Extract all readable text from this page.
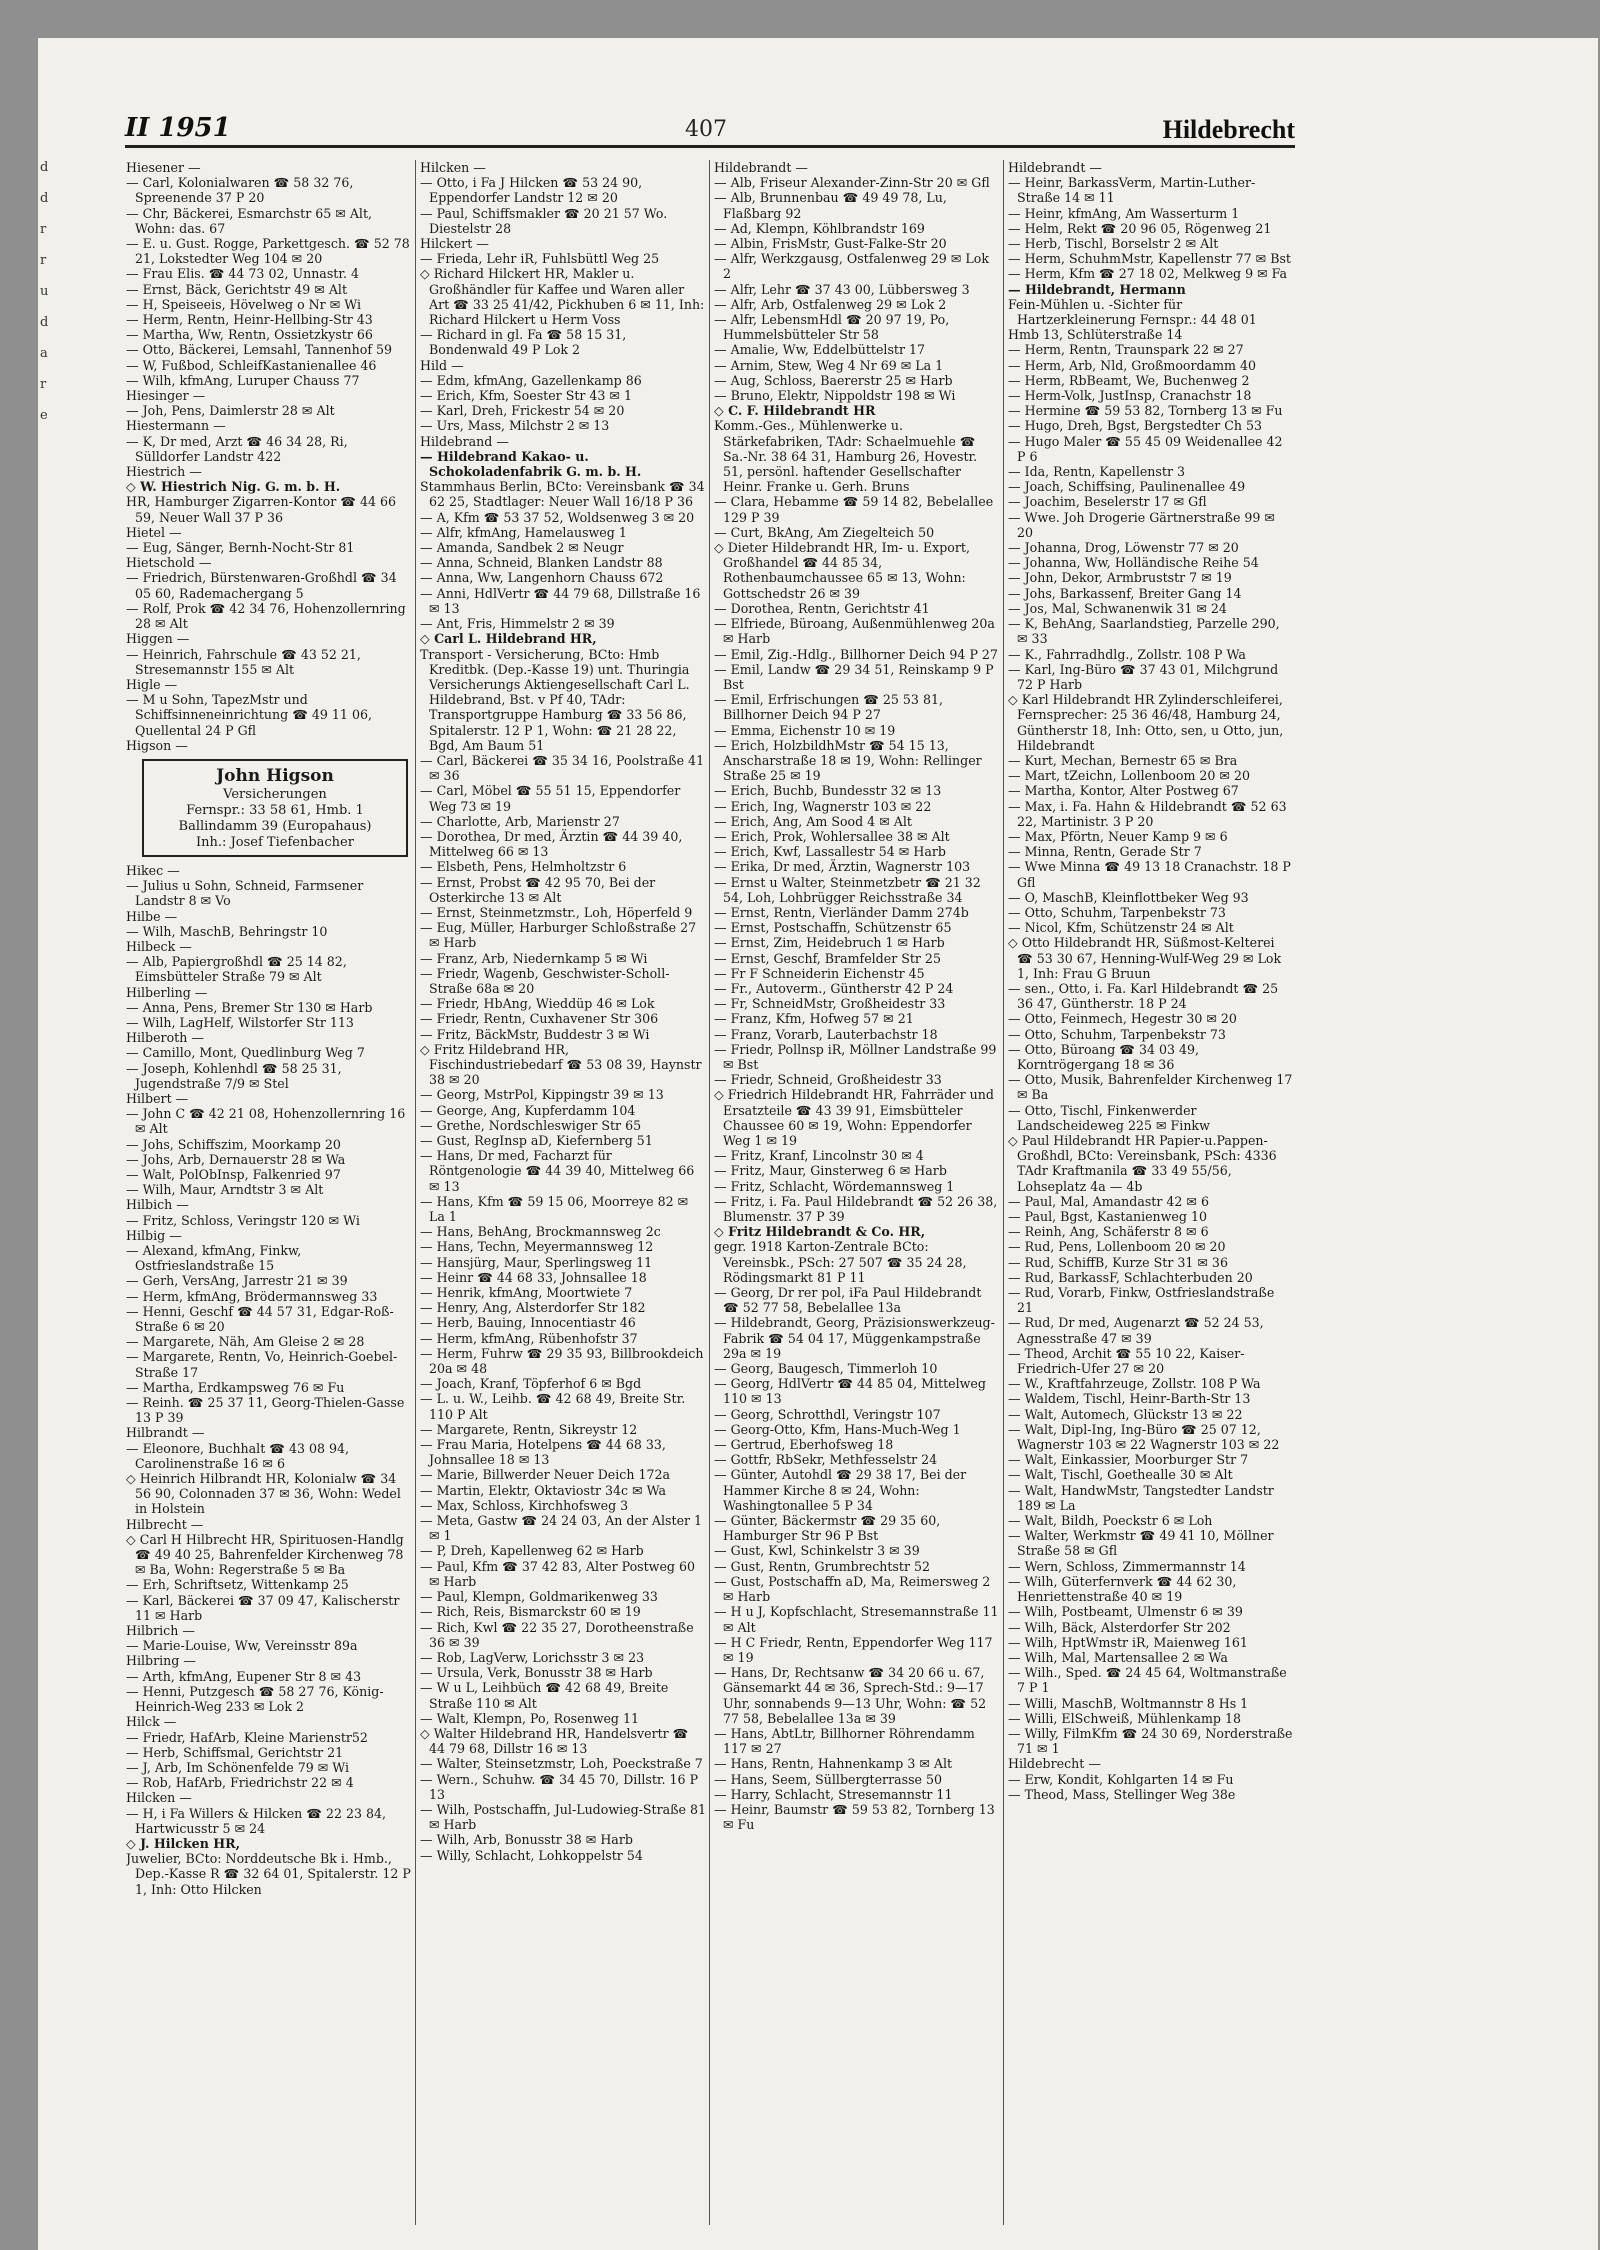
II 1951	407	Hildebrecht
d
d
r
r
u
d
a
r
e

Hiesener —

— Carl, Kolonialwaren ☎ 58 32 76, Spreenende 37 P 20

— Chr, Bäckerei, Esmarchstr 65 ✉ Alt, Wohn: das. 67

— E. u. Gust. Rogge, Parkettgesch. ☎ 52 78 21, Lokstedter Weg 104 ✉ 20

— Frau Elis. ☎ 44 73 02, Unnastr. 4

— Ernst, Bäck, Gerichtstr 49 ✉ Alt

— H, Speiseeis, Hövelweg o Nr ✉ Wi

— Herm, Rentn, Heinr-Hellbing-Str 43

— Martha, Ww, Rentn, Ossietzkystr 66

— Otto, Bäckerei, Lemsahl, Tannenhof 59

— W, Fußbod, SchleifKastanienallee 46

— Wilh, kfmAng, Luruper Chauss 77

Hiesinger —

— Joh, Pens, Daimlerstr 28 ✉ Alt

Hiestermann —

— K, Dr med, Arzt ☎ 46 34 28, Ri, Sülldorfer Landstr 422

Hiestrich —

◇ W. Hiestrich Nig. G. m. b. H.

HR, Hamburger Zigarren-Kontor ☎ 44 66 59, Neuer Wall 37 P 36

Hietel —

— Eug, Sänger, Bernh-Nocht-Str 81

Hietschold —

— Friedrich, Bürstenwaren-Großhdl ☎ 34 05 60, Rademachergang 5

— Rolf, Prok ☎ 42 34 76, Hohenzollernring 28 ✉ Alt

Higgen —

— Heinrich, Fahrschule ☎ 43 52 21, Stresemannstr 155 ✉ Alt

Higle —

— M u Sohn, TapezMstr und Schiffsinneneinrichtung ☎ 49 11 06, Quellental 24 P Gfl

Higson —

John Higson
Versicherungen
Fernspr.: 33 58 61, Hmb. 1
Ballindamm 39 (Europahaus)
Inh.: Josef Tiefenbacher

Hikec —

— Julius u Sohn, Schneid, Farmsener Landstr 8 ✉ Vo

Hilbe —

— Wilh, MaschB, Behringstr 10

Hilbeck —

— Alb, Papiergroßhdl ☎ 25 14 82, Eimsbütteler Straße 79 ✉ Alt

Hilberling —

— Anna, Pens, Bremer Str 130 ✉ Harb

— Wilh, LagHelf, Wilstorfer Str 113

Hilberoth —

— Camillo, Mont, Quedlinburg Weg 7

— Joseph, Kohlenhdl ☎ 58 25 31, Jugendstraße 7/9 ✉ Stel

Hilbert —

— John C ☎ 42 21 08, Hohenzollernring 16 ✉ Alt

— Johs, Schiffszim, Moorkamp 20

— Johs, Arb, Dernauerstr 28 ✉ Wa

— Walt, PolObInsp, Falkenried 97

— Wilh, Maur, Arndtstr 3 ✉ Alt

Hilbich —

— Fritz, Schloss, Veringstr 120 ✉ Wi

Hilbig —

— Alexand, kfmAng, Finkw, Ostfrieslandstraße 15

— Gerh, VersAng, Jarrestr 21 ✉ 39

— Herm, kfmAng, Brödermannsweg 33

— Henni, Geschf ☎ 44 57 31, Edgar-Roß-Straße 6 ✉ 20

— Margarete, Näh, Am Gleise 2 ✉ 28

— Margarete, Rentn, Vo, Heinrich-Goebel-Straße 17

— Martha, Erdkampsweg 76 ✉ Fu

— Reinh. ☎ 25 37 11, Georg-Thielen-Gasse 13 P 39

Hilbrandt —

— Eleonore, Buchhalt ☎ 43 08 94, Carolinenstraße 16 ✉ 6

◇ Heinrich Hilbrandt HR, Kolonialw ☎ 34 56 90, Colonnaden 37 ✉ 36, Wohn: Wedel in Holstein

Hilbrecht —

◇ Carl H Hilbrecht HR, Spirituosen-Handlg ☎ 49 40 25, Bahrenfelder Kirchenweg 78 ✉ Ba, Wohn: Regerstraße 5 ✉ Ba

— Erh, Schriftsetz, Wittenkamp 25

— Karl, Bäckerei ☎ 37 09 47, Kalischerstr 11 ✉ Harb

Hilbrich —

— Marie-Louise, Ww, Vereinsstr 89a

Hilbring —

— Arth, kfmAng, Eupener Str 8 ✉ 43

— Henni, Putzgesch ☎ 58 27 76, König-Heinrich-Weg 233 ✉ Lok 2

Hilck —

— Friedr, HafArb, Kleine Marienstr52

— Herb, Schiffsmal, Gerichtstr 21

— J, Arb, Im Schönenfelde 79 ✉ Wi

— Rob, HafArb, Friedrichstr 22 ✉ 4

Hilcken —

— H, i Fa Willers & Hilcken ☎ 22 23 84, Hartwicusstr 5 ✉ 24

◇ J. Hilcken HR,

Juwelier, BCto: Norddeutsche Bk i. Hmb., Dep.-Kasse R ☎ 32 64 01, Spitalerstr. 12 P 1, Inh: Otto Hilcken

Hilcken —

— Otto, i Fa J Hilcken ☎ 53 24 90, Eppendorfer Landstr 12 ✉ 20

— Paul, Schiffsmakler ☎ 20 21 57 Wo. Diestelstr 28

Hilckert —

— Frieda, Lehr iR, Fuhlsbüttl Weg 25

◇ Richard Hilckert HR, Makler u. Großhändler für Kaffee und Waren aller Art ☎ 33 25 41/42, Pickhuben 6 ✉ 11, Inh: Richard Hilckert u Herm Voss

— Richard in gl. Fa ☎ 58 15 31, Bondenwald 49 P Lok 2

Hild —

— Edm, kfmAng, Gazellenkamp 86

— Erich, Kfm, Soester Str 43 ✉ 1

— Karl, Dreh, Frickestr 54 ✉ 20

— Urs, Mass, Milchstr 2 ✉ 13

Hildebrand —

— Hildebrand Kakao- u. Schokoladenfabrik G. m. b. H.

Stammhaus Berlin, BCto: Vereinsbank ☎ 34 62 25, Stadtlager: Neuer Wall 16/18 P 36

— A, Kfm ☎ 53 37 52, Woldsenweg 3 ✉ 20

— Alfr, kfmAng, Hamelausweg 1

— Amanda, Sandbek 2 ✉ Neugr

— Anna, Schneid, Blanken Landstr 88

— Anna, Ww, Langenhorn Chauss 672

— Anni, HdlVertr ☎ 44 79 68, Dillstraße 16 ✉ 13

— Ant, Fris, Himmelstr 2 ✉ 39

◇ Carl L. Hildebrand HR,

Transport - Versicherung, BCto: Hmb Kreditbk. (Dep.-Kasse 19) unt. Thuringia Versicherungs Aktiengesellschaft Carl L. Hildebrand, Bst. v Pf 40, TAdr: Transportgruppe Hamburg ☎ 33 56 86, Spitalerstr. 12 P 1, Wohn: ☎ 21 28 22, Bgd, Am Baum 51

— Carl, Bäckerei ☎ 35 34 16, Poolstraße 41 ✉ 36

— Carl, Möbel ☎ 55 51 15, Eppendorfer Weg 73 ✉ 19

— Charlotte, Arb, Marienstr 27

— Dorothea, Dr med, Ärztin ☎ 44 39 40, Mittelweg 66 ✉ 13

— Elsbeth, Pens, Helmholtzstr 6

— Ernst, Probst ☎ 42 95 70, Bei der Osterkirche 13 ✉ Alt

— Ernst, Steinmetzmstr., Loh, Höperfeld 9

— Eug, Müller, Harburger Schloßstraße 27 ✉ Harb

— Franz, Arb, Niedernkamp 5 ✉ Wi

— Friedr, Wagenb, Geschwister-Scholl-Straße 68a ✉ 20

— Friedr, HbAng, Wieddüp 46 ✉ Lok

— Friedr, Rentn, Cuxhavener Str 306

— Fritz, BäckMstr, Buddestr 3 ✉ Wi

◇ Fritz Hildebrand HR, Fischindustriebedarf ☎ 53 08 39, Haynstr 38 ✉ 20

— Georg, MstrPol, Kippingstr 39 ✉ 13

— George, Ang, Kupferdamm 104

— Grethe, Nordschleswiger Str 65

— Gust, RegInsp aD, Kiefernberg 51

— Hans, Dr med, Facharzt für Röntgenologie ☎ 44 39 40, Mittelweg 66 ✉ 13

— Hans, Kfm ☎ 59 15 06, Moorreye 82 ✉ La 1

— Hans, BehAng, Brockmannsweg 2c

— Hans, Techn, Meyermannsweg 12

— Hansjürg, Maur, Sperlingsweg 11

— Heinr ☎ 44 68 33, Johnsallee 18

— Henrik, kfmAng, Moortwiete 7

— Henry, Ang, Alsterdorfer Str 182

— Herb, Bauing, Innocentiastr 46

— Herm, kfmAng, Rübenhofstr 37

— Herm, Fuhrw ☎ 29 35 93, Billbrookdeich 20a ✉ 48

— Joach, Kranf, Töpferhof 6 ✉ Bgd

— L. u. W., Leihb. ☎ 42 68 49, Breite Str. 110 P Alt

— Margarete, Rentn, Sikreystr 12

— Frau Maria, Hotelpens ☎ 44 68 33, Johnsallee 18 ✉ 13

— Marie, Billwerder Neuer Deich 172a

— Martin, Elektr, Oktaviostr 34c ✉ Wa

— Max, Schloss, Kirchhofsweg 3

— Meta, Gastw ☎ 24 24 03, An der Alster 1 ✉ 1

— P, Dreh, Kapellenweg 62 ✉ Harb

— Paul, Kfm ☎ 37 42 83, Alter Postweg 60 ✉ Harb

— Paul, Klempn, Goldmarikenweg 33

— Rich, Reis, Bismarckstr 60 ✉ 19

— Rich, Kwl ☎ 22 35 27, Dorotheenstraße 36 ✉ 39

— Rob, LagVerw, Lorichsstr 3 ✉ 23

— Ursula, Verk, Bonusstr 38 ✉ Harb

— W u L, Leihbüch ☎ 42 68 49, Breite Straße 110 ✉ Alt

— Walt, Klempn, Po, Rosenweg 11

◇ Walter Hildebrand HR, Handelsvertr ☎ 44 79 68, Dillstr 16 ✉ 13

— Walter, Steinsetzmstr, Loh, Poeckstraße 7

— Wern., Schuhw. ☎ 34 45 70, Dillstr. 16 P 13

— Wilh, Postschaffn, Jul-Ludowieg-Straße 81 ✉ Harb

— Wilh, Arb, Bonusstr 38 ✉ Harb

— Willy, Schlacht, Lohkoppelstr 54

Hildebrandt —

— Alb, Friseur Alexander-Zinn-Str 20 ✉ Gfl

— Alb, Brunnenbau ☎ 49 49 78, Lu, Flaßbarg 92

— Ad, Klempn, Köhlbrandstr 169

— Albin, FrisMstr, Gust-Falke-Str 20

— Alfr, Werkzgausg, Ostfalenweg 29 ✉ Lok 2

— Alfr, Lehr ☎ 37 43 00, Lübbersweg 3

— Alfr, Arb, Ostfalenweg 29 ✉ Lok 2

— Alfr, LebensmHdl ☎ 20 97 19, Po, Hummelsbütteler Str 58

— Amalie, Ww, Eddelbüttelstr 17

— Arnim, Stew, Weg 4 Nr 69 ✉ La 1

— Aug, Schloss, Baererstr 25 ✉ Harb

— Bruno, Elektr, Nippoldstr 198 ✉ Wi

◇ C. F. Hildebrandt HR

Komm.-Ges., Mühlenwerke u. Stärkefabriken, TAdr: Schaelmuehle ☎ Sa.-Nr. 38 64 31, Hamburg 26, Hovestr. 51, persönl. haftender Gesellschafter Heinr. Franke u. Gerh. Bruns

— Clara, Hebamme ☎ 59 14 82, Bebelallee 129 P 39

— Curt, BkAng, Am Ziegelteich 50

◇ Dieter Hildebrandt HR, Im- u. Export, Großhandel ☎ 44 85 34, Rothenbaumchaussee 65 ✉ 13, Wohn: Gottschedstr 26 ✉ 39

— Dorothea, Rentn, Gerichtstr 41

— Elfriede, Büroang, Außenmühlenweg 20a ✉ Harb

— Emil, Zig.-Hdlg., Billhorner Deich 94 P 27

— Emil, Landw ☎ 29 34 51, Reinskamp 9 P Bst

— Emil, Erfrischungen ☎ 25 53 81, Billhorner Deich 94 P 27

— Emma, Eichenstr 10 ✉ 19

— Erich, HolzbildhMstr ☎ 54 15 13, Anscharstraße 18 ✉ 19, Wohn: Rellinger Straße 25 ✉ 19

— Erich, Buchb, Bundesstr 32 ✉ 13

— Erich, Ing, Wagnerstr 103 ✉ 22

— Erich, Ang, Am Sood 4 ✉ Alt

— Erich, Prok, Wohlersallee 38 ✉ Alt

— Erich, Kwf, Lassallestr 54 ✉ Harb

— Erika, Dr med, Ärztin, Wagnerstr 103

— Ernst u Walter, Steinmetzbetr ☎ 21 32 54, Loh, Lohbrügger Reichsstraße 34

— Ernst, Rentn, Vierländer Damm 274b

— Ernst, Postschaffn, Schützenstr 65

— Ernst, Zim, Heidebruch 1 ✉ Harb

— Ernst, Geschf, Bramfelder Str 25

— Fr F Schneiderin Eichenstr 45

— Fr., Autoverm., Güntherstr 42 P 24

— Fr, SchneidMstr, Großheidestr 33

— Franz, Kfm, Hofweg 57 ✉ 21

— Franz, Vorarb, Lauterbachstr 18

— Friedr, Pollnsp iR, Möllner Landstraße 99 ✉ Bst

— Friedr, Schneid, Großheidestr 33

◇ Friedrich Hildebrandt HR, Fahrräder und Ersatzteile ☎ 43 39 91, Eimsbütteler Chaussee 60 ✉ 19, Wohn: Eppendorfer Weg 1 ✉ 19

— Fritz, Kranf, Lincolnstr 30 ✉ 4

— Fritz, Maur, Ginsterweg 6 ✉ Harb

— Fritz, Schlacht, Wördemannsweg 1

— Fritz, i. Fa. Paul Hildebrandt ☎ 52 26 38, Blumenstr. 37 P 39

◇ Fritz Hildebrandt & Co. HR,

gegr. 1918 Karton-Zentrale BCto: Vereinsbk., PSch: 27 507 ☎ 35 24 28, Rödingsmarkt 81 P 11

— Georg, Dr rer pol, iFa Paul Hildebrandt ☎ 52 77 58, Bebelallee 13a

— Hildebrandt, Georg, Präzisionswerkzeug-Fabrik ☎ 54 04 17, Müggenkampstraße 29a ✉ 19

— Georg, Baugesch, Timmerloh 10

— Georg, HdlVertr ☎ 44 85 04, Mittelweg 110 ✉ 13

— Georg, Schrotthdl, Veringstr 107

— Georg-Otto, Kfm, Hans-Much-Weg 1

— Gertrud, Eberhofsweg 18

— Gottfr, RbSekr, Methfesselstr 24

— Günter, Autohdl ☎ 29 38 17, Bei der Hammer Kirche 8 ✉ 24, Wohn: Washingtonallee 5 P 34

— Günter, Bäckermstr ☎ 29 35 60, Hamburger Str 96 P Bst

— Gust, Kwl, Schinkelstr 3 ✉ 39

— Gust, Rentn, Grumbrechtstr 52

— Gust, Postschaffn aD, Ma, Reimersweg 2 ✉ Harb

— H u J, Kopfschlacht, Stresemannstraße 11 ✉ Alt

— H C Friedr, Rentn, Eppendorfer Weg 117 ✉ 19

— Hans, Dr, Rechtsanw ☎ 34 20 66 u. 67, Gänsemarkt 44 ✉ 36, Sprech-Std.: 9—17 Uhr, sonnabends 9—13 Uhr, Wohn: ☎ 52 77 58, Bebelallee 13a ✉ 39

— Hans, AbtLtr, Billhorner Röhrendamm 117 ✉ 27

— Hans, Rentn, Hahnenkamp 3 ✉ Alt

— Hans, Seem, Süllbergterrasse 50

— Harry, Schlacht, Stresemannstr 11

— Heinr, Baumstr ☎ 59 53 82, Tornberg 13 ✉ Fu

Hildebrandt —

— Heinr, BarkassVerm, Martin-Luther-Straße 14 ✉ 11

— Heinr, kfmAng, Am Wasserturm 1

— Helm, Rekt ☎ 20 96 05, Rögenweg 21

— Herb, Tischl, Borselstr 2 ✉ Alt

— Herm, SchuhmMstr, Kapellenstr 77 ✉ Bst

— Herm, Kfm ☎ 27 18 02, Melkweg 9 ✉ Fa

— Hildebrandt, Hermann

Fein-Mühlen u. -Sichter für Hartzerkleinerung Fernspr.: 44 48 01

Hmb 13, Schlüterstraße 14

— Herm, Rentn, Traunspark 22 ✉ 27

— Herm, Arb, Nld, Großmoordamm 40

— Herm, RbBeamt, We, Buchenweg 2

— Herm-Volk, JustInsp, Cranachstr 18

— Hermine ☎ 59 53 82, Tornberg 13 ✉ Fu

— Hugo, Dreh, Bgst, Bergstedter Ch 53

— Hugo Maler ☎ 55 45 09 Weidenallee 42 P 6

— Ida, Rentn, Kapellenstr 3

— Joach, Schiffsing, Paulinenallee 49

— Joachim, Beselerstr 17 ✉ Gfl

— Wwe. Joh Drogerie Gärtnerstraße 99 ✉ 20

— Johanna, Drog, Löwenstr 77 ✉ 20

— Johanna, Ww, Holländische Reihe 54

— John, Dekor, Armbruststr 7 ✉ 19

— Johs, Barkassenf, Breiter Gang 14

— Jos, Mal, Schwanenwik 31 ✉ 24

— K, BehAng, Saarlandstieg, Parzelle 290, ✉ 33

— K., Fahrradhdlg., Zollstr. 108 P Wa

— Karl, Ing-Büro ☎ 37 43 01, Milchgrund 72 P Harb

◇ Karl Hildebrandt HR Zylinderschleiferei, Fernsprecher: 25 36 46/48, Hamburg 24, Güntherstr 18, Inh: Otto, sen, u Otto, jun, Hildebrandt

— Kurt, Mechan, Bernestr 65 ✉ Bra

— Mart, tZeichn, Lollenboom 20 ✉ 20

— Martha, Kontor, Alter Postweg 67

— Max, i. Fa. Hahn & Hildebrandt ☎ 52 63 22, Martinistr. 3 P 20

— Max, Pförtn, Neuer Kamp 9 ✉ 6

— Minna, Rentn, Gerade Str 7

— Wwe Minna ☎ 49 13 18 Cranachstr. 18 P Gfl

— O, MaschB, Kleinflottbeker Weg 93

— Otto, Schuhm, Tarpenbekstr 73

— Nicol, Kfm, Schützenstr 24 ✉ Alt

◇ Otto Hildebrandt HR, Süßmost-Kelterei ☎ 53 30 67, Henning-Wulf-Weg 29 ✉ Lok 1, Inh: Frau G Bruun

— sen., Otto, i. Fa. Karl Hildebrandt ☎ 25 36 47, Güntherstr. 18 P 24

— Otto, Feinmech, Hegestr 30 ✉ 20

— Otto, Schuhm, Tarpenbekstr 73

— Otto, Büroang ☎ 34 03 49, Korntrögergang 18 ✉ 36

— Otto, Musik, Bahrenfelder Kirchenweg 17 ✉ Ba

— Otto, Tischl, Finkenwerder Landscheideweg 225 ✉ Finkw

◇ Paul Hildebrandt HR Papier-u.Pappen-Großhdl, BCto: Vereinsbank, PSch: 4336 TAdr Kraftmanila ☎ 33 49 55/56, Lohseplatz 4a — 4b

— Paul, Mal, Amandastr 42 ✉ 6

— Paul, Bgst, Kastanienweg 10

— Reinh, Ang, Schäferstr 8 ✉ 6

— Rud, Pens, Lollenboom 20 ✉ 20

— Rud, SchiffB, Kurze Str 31 ✉ 36

— Rud, BarkassF, Schlachterbuden 20

— Rud, Vorarb, Finkw, Ostfrieslandstraße 21

— Rud, Dr med, Augenarzt ☎ 52 24 53, Agnesstraße 47 ✉ 39

— Theod, Archit ☎ 55 10 22, Kaiser-Friedrich-Ufer 27 ✉ 20

— W., Kraftfahrzeuge, Zollstr. 108 P Wa

— Waldem, Tischl, Heinr-Barth-Str 13

— Walt, Automech, Glückstr 13 ✉ 22

— Walt, Dipl-Ing, Ing-Büro ☎ 25 07 12, Wagnerstr 103 ✉ 22 Wagnerstr 103 ✉ 22

— Walt, Einkassier, Moorburger Str 7

— Walt, Tischl, Goethealle 30 ✉ Alt

— Walt, HandwMstr, Tangstedter Landstr 189 ✉ La

— Walt, Bildh, Poeckstr 6 ✉ Loh

— Walter, Werkmstr ☎ 49 41 10, Möllner Straße 58 ✉ Gfl

— Wern, Schloss, Zimmermannstr 14

— Wilh, Güterfernverk ☎ 44 62 30, Henriettenstraße 40 ✉ 19

— Wilh, Postbeamt, Ulmenstr 6 ✉ 39

— Wilh, Bäck, Alsterdorfer Str 202

— Wilh, HptWmstr iR, Maienweg 161

— Wilh, Mal, Martensallee 2 ✉ Wa

— Wilh., Sped. ☎ 24 45 64, Woltmanstraße 7 P 1

— Willi, MaschB, Woltmannstr 8 Hs 1

— Willi, ElSchweiß, Mühlenkamp 18

— Willy, FilmKfm ☎ 24 30 69, Norderstraße 71 ✉ 1

Hildebrecht —

— Erw, Kondit, Kohlgarten 14 ✉ Fu

— Theod, Mass, Stellinger Weg 38e
